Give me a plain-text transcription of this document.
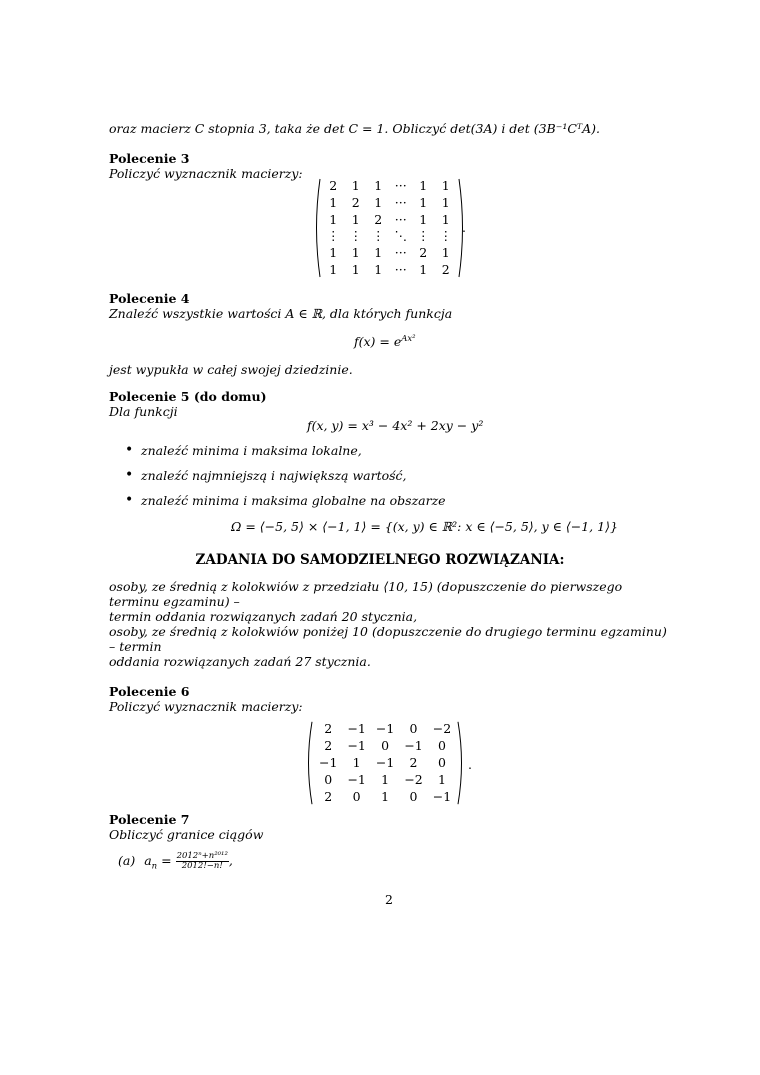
oraz macierz C stopnia 3, taka że det C = 1. Obliczyć det(3A) i det (3B⁻¹CᵀA).
Polecenie 3
Policzyć wyznacznik macierzy:
2	1	1	···	1	1
1	2	1	···	1	1
1	1	2	···	1	1
⋮	⋮	⋮	⋱	⋮	⋮
1	1	1	···	2	1
1	1	1	···	1	2
.
Polecenie 4
Znaleźć wszystkie wartości A ∈ ℝ, dla których funkcja
$f(x) = e^{Ax^2}$
jest wypukła w całej swojej dziedzinie.
Polecenie 5 (do domu)
Dla funkcji
f(x, y) = x³ − 4x² + 2xy − y²
• znaleźć minima i maksima lokalne,
• znaleźć najmniejszą i największą wartość,
• znaleźć minima i maksima globalne na obszarze
Ω = ⟨−5, 5⟩ × ⟨−1, 1⟩ = {(x, y) ∈ ℝ²: x ∈ ⟨−5, 5⟩, y ∈ ⟨−1, 1⟩}
ZADANIA DO SAMODZIELNEGO ROZWIĄZANIA:
osoby, ze średnią z kolokwiów z przedziału ⟨10, 15) (dopuszczenie do pierwszego terminu egzaminu) –
termin oddania rozwiązanych zadań 20 stycznia,
osoby, ze średnią z kolokwiów poniżej 10 (dopuszczenie do drugiego terminu egzaminu) – termin
oddania rozwiązanych zadań 27 stycznia.
Polecenie 6
Policzyć wyznacznik macierzy:
2	−1	−1	0	−2
2	−1	0	−1	0
−1	1	−1	2	0
0	−1	1	−2	1
2	0	1	0	−1
.
Polecenie 7
Obliczyć granice ciągów
(a) $a_n = \frac{\text{2012ⁿ+n²⁰¹²}}{2012!-n!}$ ,
2
